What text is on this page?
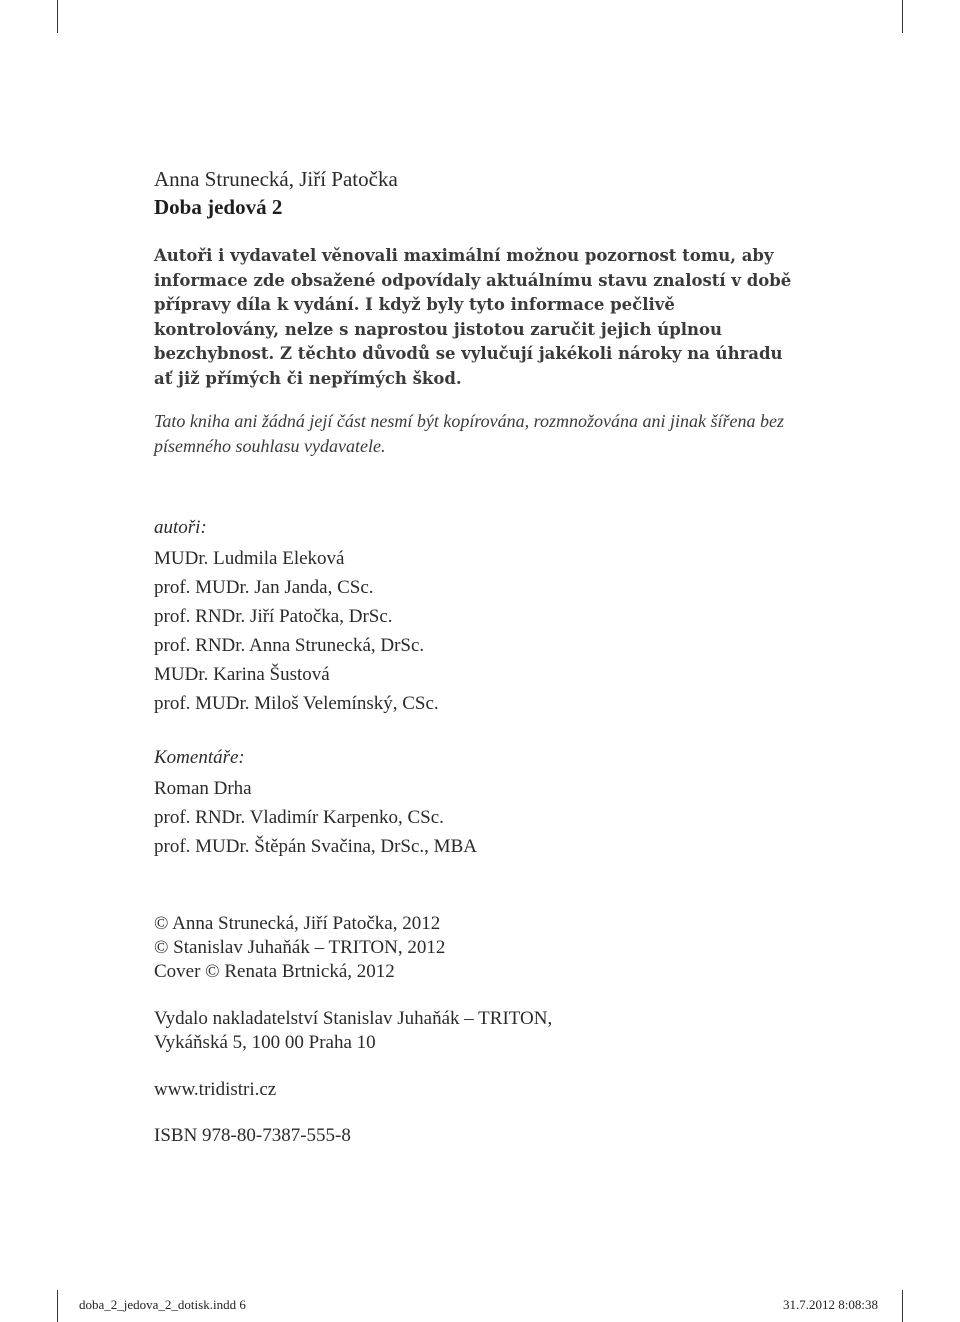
Anna Strunecká, Jiří Patočka
Doba jedová 2

Autoři i vydavatel věnovali maximální možnou pozornost tomu, aby informace zde obsažené odpovídaly aktuálnímu stavu znalostí v době přípravy díla k vydání. I když byly tyto informace pečlivě kontrolovány, nelze s naprostou jistotou zaručit jejich úplnou bezchybnost. Z těchto důvodů se vylučují jakékoli nároky na úhradu ať již přímých či nepřímých škod.

Tato kniha ani žádná její část nesmí být kopírována, rozmnožována ani jinak šířena bez písemného souhlasu vydavatele.

autoři:
MUDr. Ludmila Eleková
prof. MUDr. Jan Janda, CSc.
prof. RNDr. Jiří Patočka, DrSc.
prof. RNDr. Anna Strunecká, DrSc.
MUDr. Karina Šustová
prof. MUDr. Miloš Velemínský, CSc.
Komentáře:
Roman Drha
prof. RNDr. Vladimír Karpenko, CSc.
prof. MUDr. Štěpán Svačina, DrSc., MBA
© Anna Strunecká, Jiří Patočka, 2012
© Stanislav Juhaňák – TRITON, 2012
Cover © Renata Brtnická, 2012
Vydalo nakladatelství Stanislav Juhaňák – TRITON,
Vykáňská 5, 100 00 Praha 10
www.tridistri.cz
ISBN 978-80-7387-555-8
doba_2_jedova_2_dotisk.indd 6	31.7.2012 8:08:38
